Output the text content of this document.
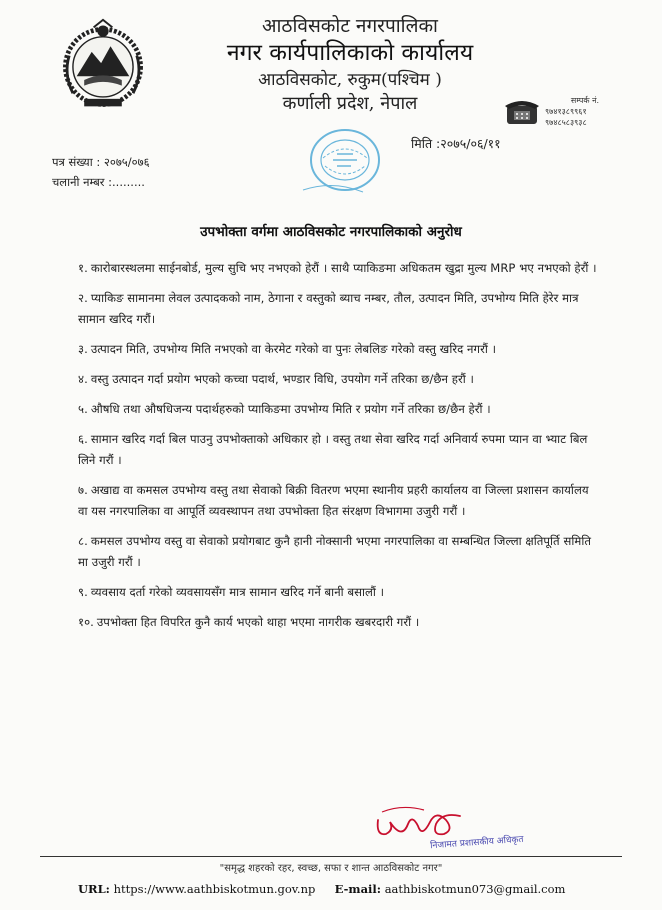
आठविसकोट नगरपालिका
नगर कार्यपालिकाको कार्यालय
आठविसकोट, रुकुम(पश्चिम )
कर्णाली प्रदेश, नेपाल	सम्पर्क नं.
९७४१३८९९६१
९७४८५८३९३८
पत्र संख्या : २०७५/०७६
चलानी नम्बर :.........
मिति :२०७५/०६/११
उपभोक्ता वर्गमा आठविसकोट नगरपालिकाको अनुरोध
१. कारोबारस्थलमा साईनबोर्ड, मुल्य सुचि भए नभएको हेरौं । साथै प्याकिङमा अधिकतम खुद्रा मुल्य MRP भए नभएको हेरौं ।
२. प्याकिङ सामानमा लेवल उत्पादकको नाम, ठेगाना र वस्तुको ब्याच नम्बर, तौल, उत्पादन मिति, उपभोग्य मिति हेरेर मात्र सामान खरिद गरौं।
३. उत्पादन मिति, उपभोग्य मिति नभएको वा केरमेट गरेको वा पुनः लेबलिङ गरेको वस्तु खरिद नगरौं ।
४. वस्तु उत्पादन गर्दा प्रयोग भएको कच्चा पदार्थ, भण्डार विधि, उपयोग गर्ने तरिका छ/छैन हरौं ।
५. औषधि तथा औषधिजन्य पदार्थहरुको प्याकिङमा उपभोग्य मिति र प्रयोग गर्ने तरिका छ/छैन हेरौं ।
६. सामान खरिद गर्दा बिल पाउनु उपभोक्ताको अधिकार हो । वस्तु तथा सेवा खरिद गर्दा अनिवार्य रुपमा प्यान वा भ्याट बिल लिने गरौं ।
७. अखाद्य वा कमसल उपभोग्य वस्तु तथा सेवाको बिक्री वितरण भएमा स्थानीय प्रहरी कार्यालय वा जिल्ला प्रशासन कार्यालय वा यस नगरपालिका वा आपूर्ति व्यवस्थापन तथा उपभोक्ता हित संरक्षण विभागमा उजुरी गरौं ।
८. कमसल उपभोग्य वस्तु वा सेवाको प्रयोगबाट कुनै हानी नोक्सानी भएमा नगरपालिका वा सम्बन्धित जिल्ला क्षतिपूर्ति समिति मा उजुरी गरौं ।
९. व्यवसाय दर्ता गरेको व्यवसायसँग मात्र सामान खरिद गर्ने बानी बसालौं ।
१०. उपभोक्ता हित विपरित कुनै कार्य भएको थाहा भएमा नागरीक खबरदारी गरौं ।
निजामत प्रशासकीय अधिकृत
"समृद्ध शहरको रहर, स्वच्छ, सफा र शान्त आठविसकोट नगर"
URL: https://www.aathbiskotmun.gov.np E-mail: aathbiskotmun073@gmail.com
